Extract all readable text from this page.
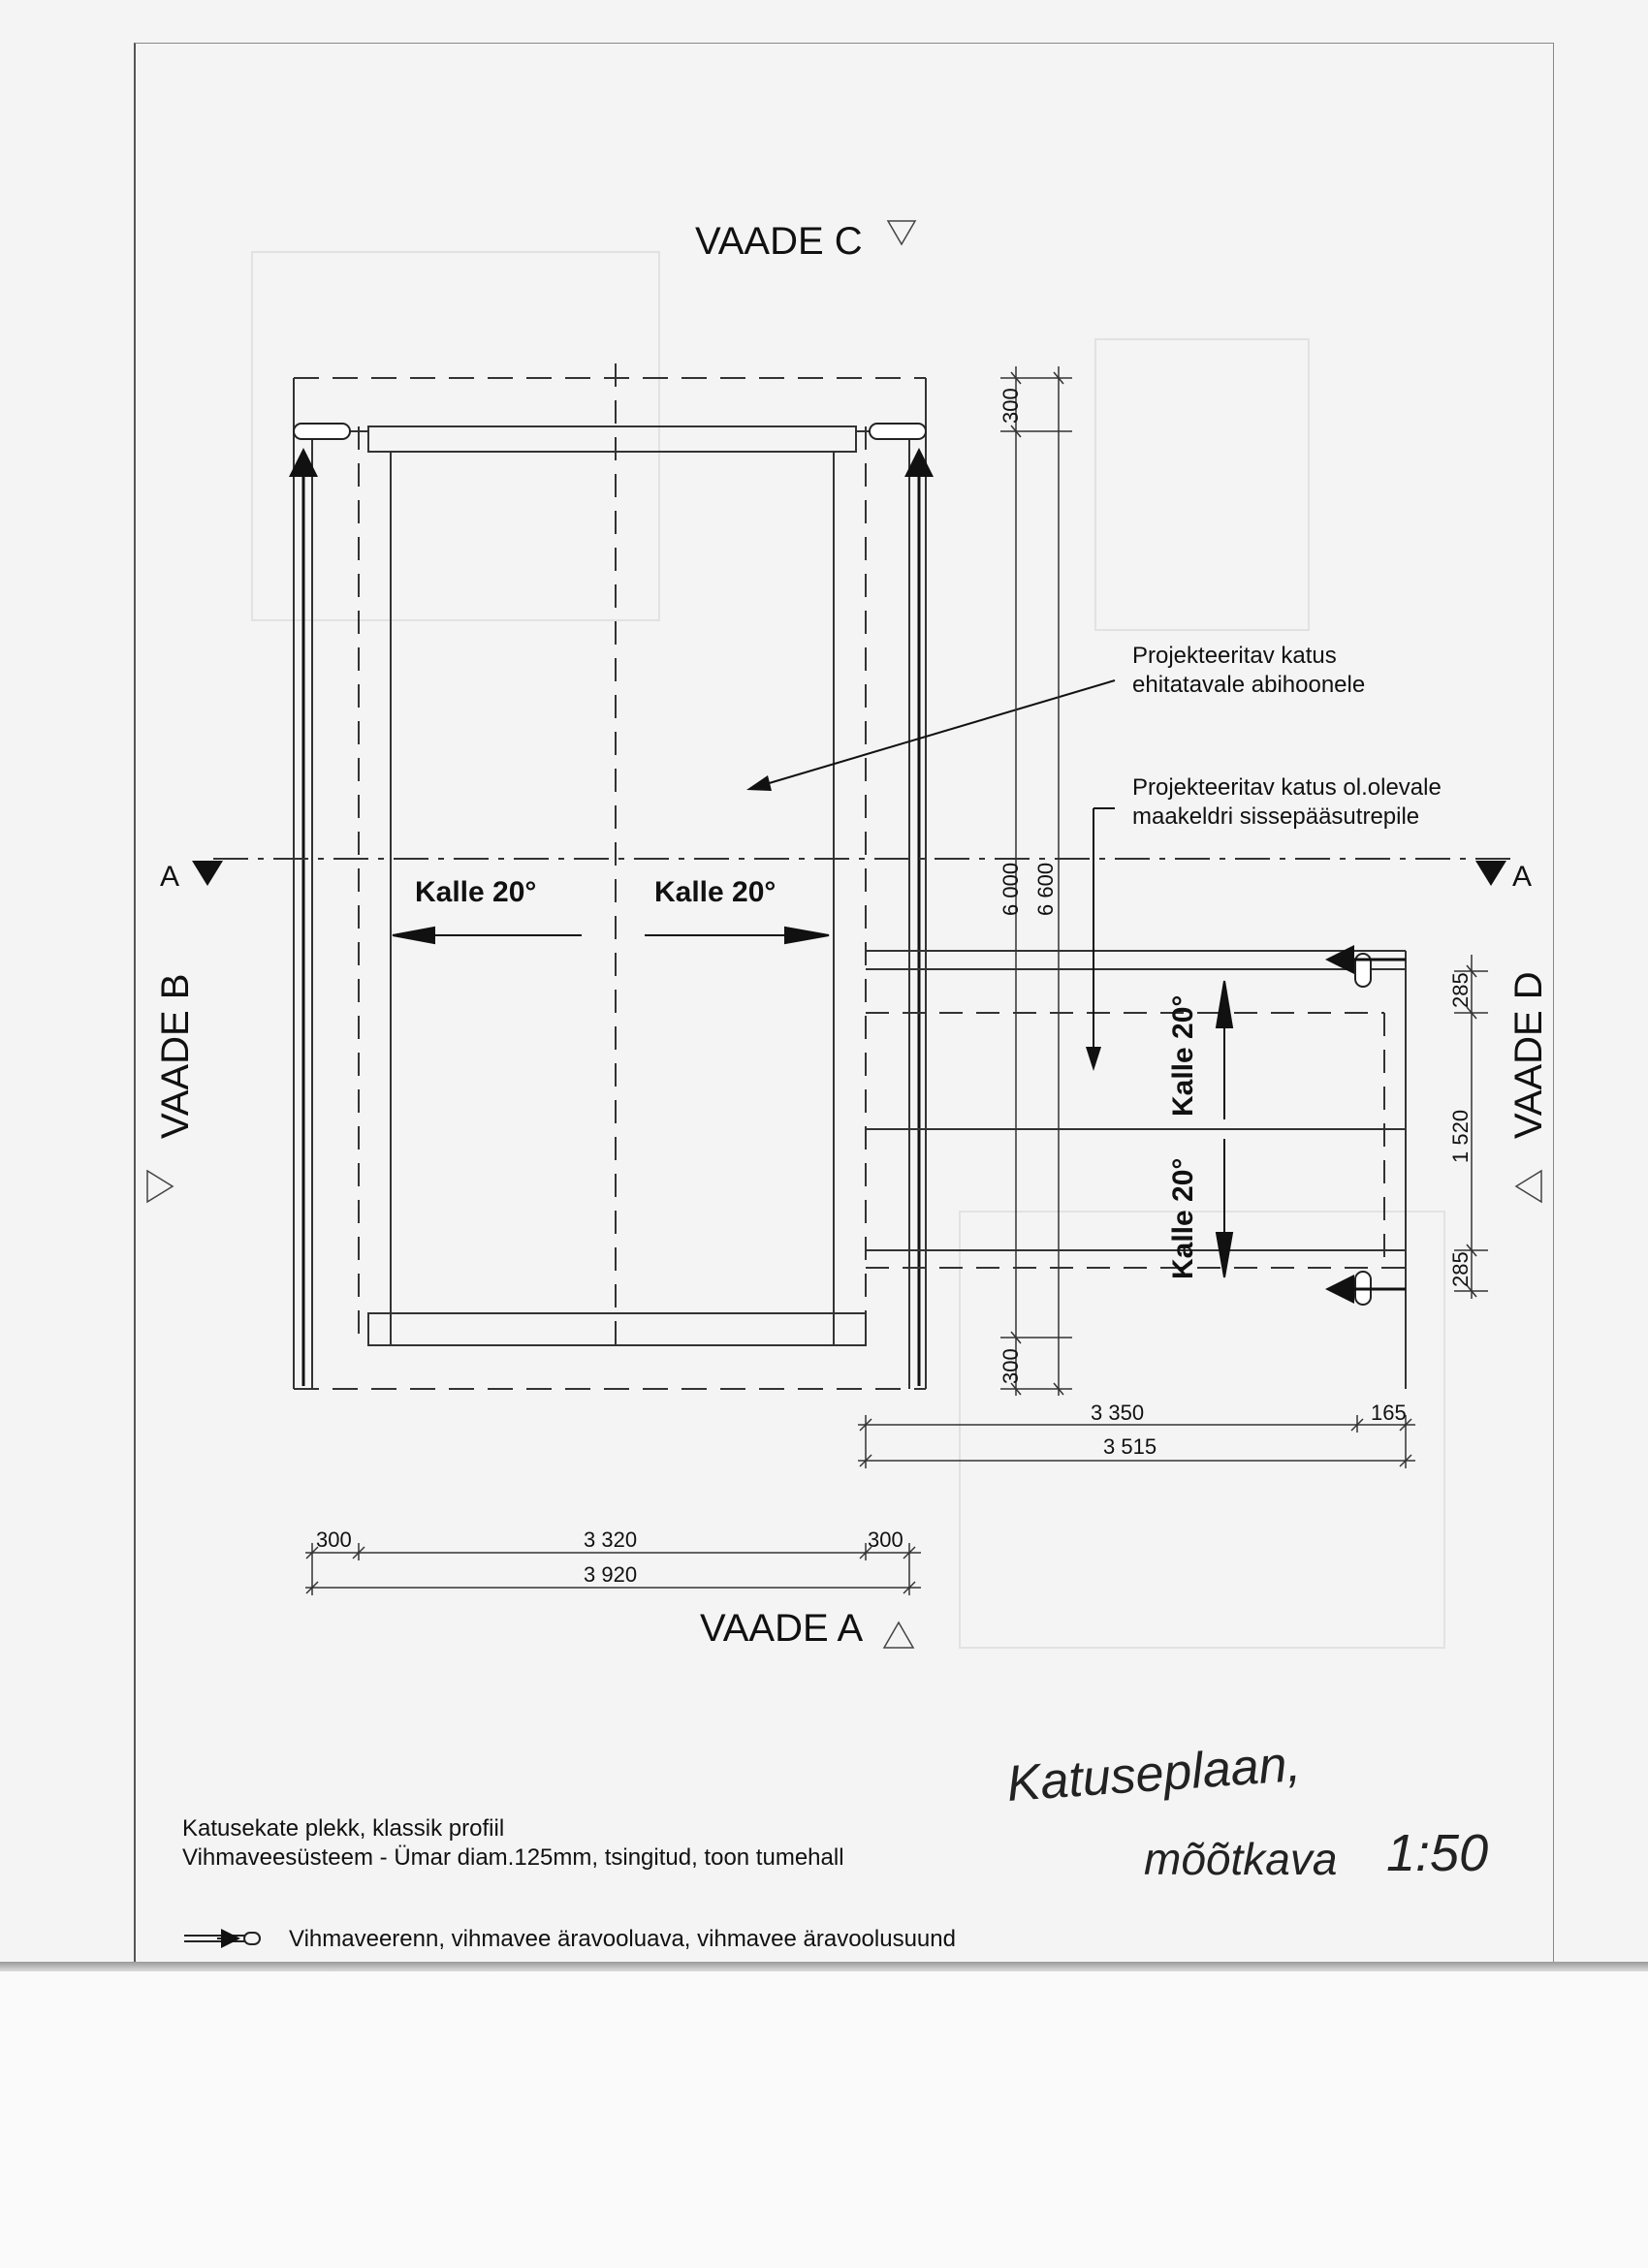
VAADE C
VAADE A
VAADE B	VAADE D
A	A
Kalle 20°	Kalle 20°
Kalle 20°
Kalle 20°
300
6 000 6 600
300
285
1 520
285
3 350	165
3 515
300	3 320	300
3 920
Projekteeritav katus
ehitatavale abihoonele
Projekteeritav katus ol.olevale
maakeldri sissepääsutrepile
Katusekate plekk, klassik profiil
Vihmaveesüsteem - Ümar diam.125mm, tsingitud, toon tumehall
Vihmaveerenn, vihmavee äravooluava, vihmavee äravoolusuund
Katuseplaan,
mõõtkava 1:50
